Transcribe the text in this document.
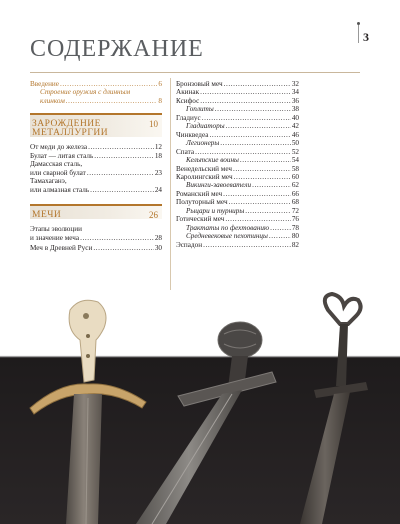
3
СОДЕРЖАНИЕ
Введение . . .	6
Строение оружия с длинным
клинком . . .	8
ЗАРОЖДЕНИЕ
МЕТАЛЛУРГИИ
10
От меди до железа . . .	12
Булат — литая сталь . . .	18
Дамасская сталь,
или сварной булат . . .	23
Тамахаганэ,
или алмазная сталь . . .	24
МЕЧИ	26
Этапы эволюции
и значение меча . . .	28
Меч в Древней Руси . . .	30
Бронзовый меч . . .	32
Акинак . . .	34
Ксифос . . .	36
Гоплиты . . .	38
Гладиус . . .	40
Гладиаторы . . .	42
Чинкведеа . . .	46
Легионеры . . .	50
Спата . . .	52
Кельтские воины . . .	54
Венедельский меч . . .	58
Каролингский меч . . .	60
Викинги-завоеватели . . .	62
Романский меч . . .	66
Полуторный меч . . .	68
Рыцари и турниры . . .	72
Готический меч . . .	76
Трактаты по фехтованию . . .	78
Средневековые пехотинцы . . .	80
Эспадон . . .	82
